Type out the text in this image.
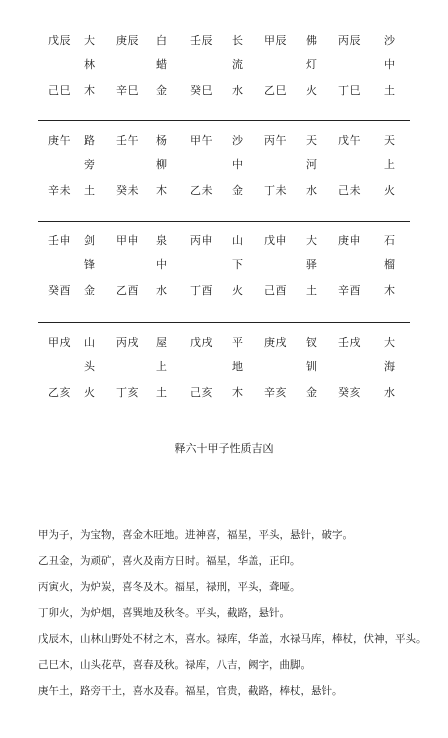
戊辰 大 庚辰 白 壬辰 长 甲辰 佛 丙辰 沙
林	蜡	流	灯	中
己巳 木 辛巳 金 癸巳 水 乙巳 火 丁巳 土
庚午 路 壬午 杨 甲午 沙 丙午 天 戊午 天
旁	柳	中	河	上
辛未 土 癸未 木 乙未 金 丁未 水 己未 火
壬申 剑 甲申 泉 丙申 山 戊申 大 庚申 石
锋	中	下	驿	榴
癸酉 金 乙酉 水 丁酉 火 己酉 土 辛酉 木
甲戌 山 丙戌 屋 戊戌 平 庚戌 钗 壬戌 大
头	上	地	钏	海
乙亥 火 丁亥 土 己亥 木 辛亥 金 癸亥 水
释六十甲子性质吉凶
甲为子，为宝物，喜金木旺地。进神喜，福星，平头，悬针，破字。
乙丑金，为顽矿，喜火及南方日时。福星，华盖，正印。
丙寅火，为炉炭，喜冬及木。福星，禄刑，平头，聋哑。
丁卯火，为炉烟，喜巽地及秋冬。平头，截路，悬针。
戊辰木，山林山野处不材之木，喜水。禄库，华盖，水禄马库，棒杖，伏神，平头。
己巳木，山头花草，喜春及秋。禄库，八吉，阙字，曲脚。
庚午土，路旁干土，喜水及春。福星，官贵，截路，棒杖，悬针。
